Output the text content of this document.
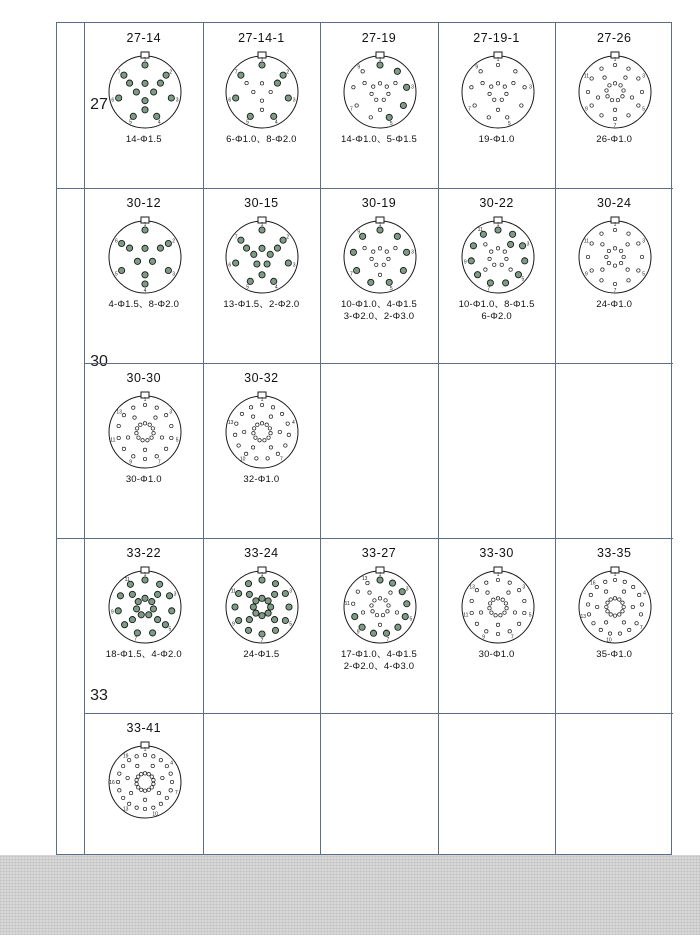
27
30
33
27-14
1
2
3
4
5
6
7
14-Φ1.5
27-14-1
1
2
3
4
5
6
7
6-Φ1.0、8-Φ2.0
27-19
1
3
5
7
9
14-Φ1.0、5-Φ1.5
27-19-1
1
3
5
7
9
19-Φ1.0
27-26
1
3
5
7
9
11
26-Φ1.0
30-12
1
2
3
4
5
6
4-Φ1.5、8-Φ2.0
30-15
1
2
3
4
5
6
7
13-Φ1.5、2-Φ2.0
30-19
1
3
5
7
9
10-Φ1.0、4-Φ1.5
3-Φ2.0、2-Φ3.0
30-22
1
3
5
7
9
11
10-Φ1.0、8-Φ1.5
6-Φ2.0
30-24
1
3
5
7
9
11
24-Φ1.0
30-30
1
3
5
7
9
11
13
30-Φ1.0
30-32
1
4
7
10
13
32-Φ1.0
33-22
1
3
5
7
9
11
18-Φ1.5、4-Φ2.0
33-24
1
3
5
7
9
11
24-Φ1.5
33-27
1
3
5
7
9
11
13
17-Φ1.0、4-Φ1.5
2-Φ2.0、4-Φ3.0
33-30
1
3
5
7
9
11
13
30-Φ1.0
33-35
1
4
7
10
13
16
35-Φ1.0
33-41
1
4
7
10
13
16
19
